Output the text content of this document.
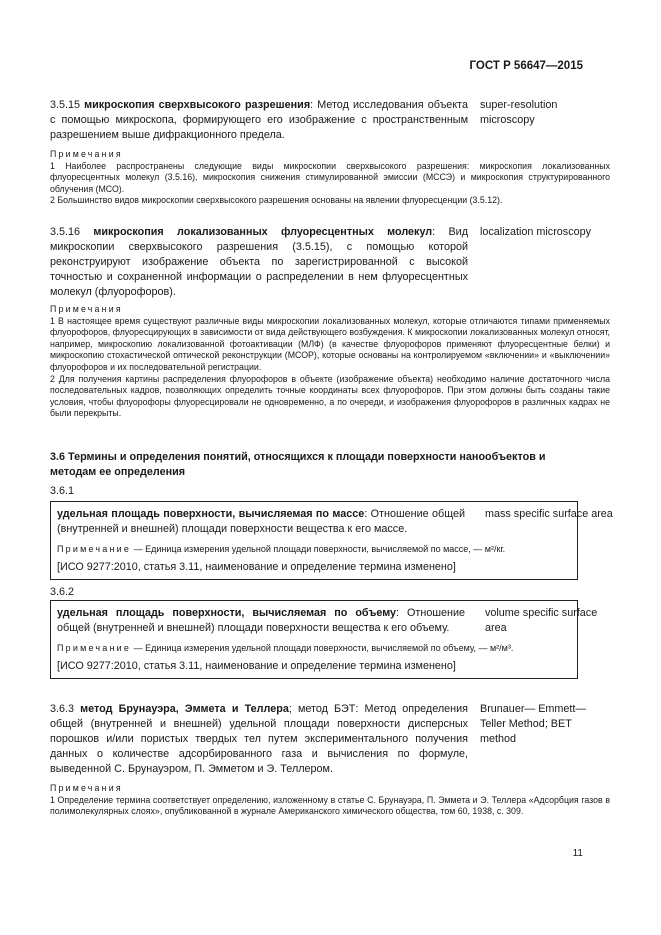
ГОСТ Р 56647—2015
3.5.15 микроскопия сверхвысокого разрешения: Метод исследования объекта с помощью микроскопа, формирующего его изображение с пространственным разрешением выше дифракционного предела.
super-resolution microscopy
Примечания
1 Наиболее распространены следующие виды микроскопии сверхвысокого разрешения: микроскопия локализованных флуоресцентных молекул (3.5.16), микроскопия снижения стимулированной эмиссии (МССЭ) и микроскопия структурированного облучения (МСО).
2 Большинство видов микроскопии сверхвысокого разрешения основаны на явлении флуоресценции (3.5.12).
3.5.16 микроскопия локализованных флуоресцентных молекул: Вид микроскопии сверхвысокого разрешения (3.5.15), с помощью которой реконструируют изображение объекта по зарегистрированной с высокой точностью и сохраненной информации о распределении в нем флуоресцентных молекул (флуорофоров).
localization microscopy
Примечания
1 В настоящее время существуют различные виды микроскопии локализованных молекул, которые отличаются типами применяемых флуорофоров, флуоресцирующих в зависимости от вида действующего возбуждения. К микроскопии локализованных молекул относят, например, микроскопию локализованной фотоактивации (МЛФ) (в качестве флуорофоров применяют флуоресцентные белки) и микроскопию стохастической оптической реконструкции (МСОР), которые основаны на контролируемом «включении» и «выключении» флуорофоров и их последовательной регистрации.
2 Для получения картины распределения флуорофоров в объекте (изображение объекта) необходимо наличие достаточного числа последовательных кадров, позволяющих определить точные координаты всех флуорофоров. При этом должны быть созданы такие условия, чтобы флуорофоры флуоресцировали не одновременно, а по очереди, и изображения флуорофоров в различных кадрах не были перекрыты.
3.6 Термины и определения понятий, относящихся к площади поверхности нанообъектов и методам ее определения
3.6.1
удельная площадь поверхности, вычисляемая по массе: Отношение общей (внутренней и внешней) площади поверхности вещества к его массе.
mass specific surface area
Примечание — Единица измерения удельной площади поверхности, вычисляемой по массе, — м²/кг.
[ИСО 9277:2010, статья 3.11, наименование и определение термина изменено]
3.6.2
удельная площадь поверхности, вычисляемая по объему: Отношение общей (внутренней и внешней) площади поверхности вещества к его объему.
volume specific surface area
Примечание — Единица измерения удельной площади поверхности, вычисляемой по объему, — м²/м³.
[ИСО 9277:2010, статья 3.11, наименование и определение термина изменено]
3.6.3 метод Брунауэра, Эммета и Теллера; метод БЭТ: Метод определения общей (внутренней и внешней) удельной площади поверхности дисперсных порошков и/или пористых твердых тел путем экспериментального получения данных о количестве адсорбированного газа и вычисления по формуле, выведенной С. Брунауэром, П. Эмметом и Э. Теллером.
Brunauer— Emmett—Teller Method; BET method
Примечания
1 Определение термина соответствует определению, изложенному в статье С. Брунауэра, П. Эммета и Э. Теллера «Адсорбция газов в полимолекулярных слоях», опубликованной в журнале Американского химического общества, том 60, 1938, с. 309.
11
